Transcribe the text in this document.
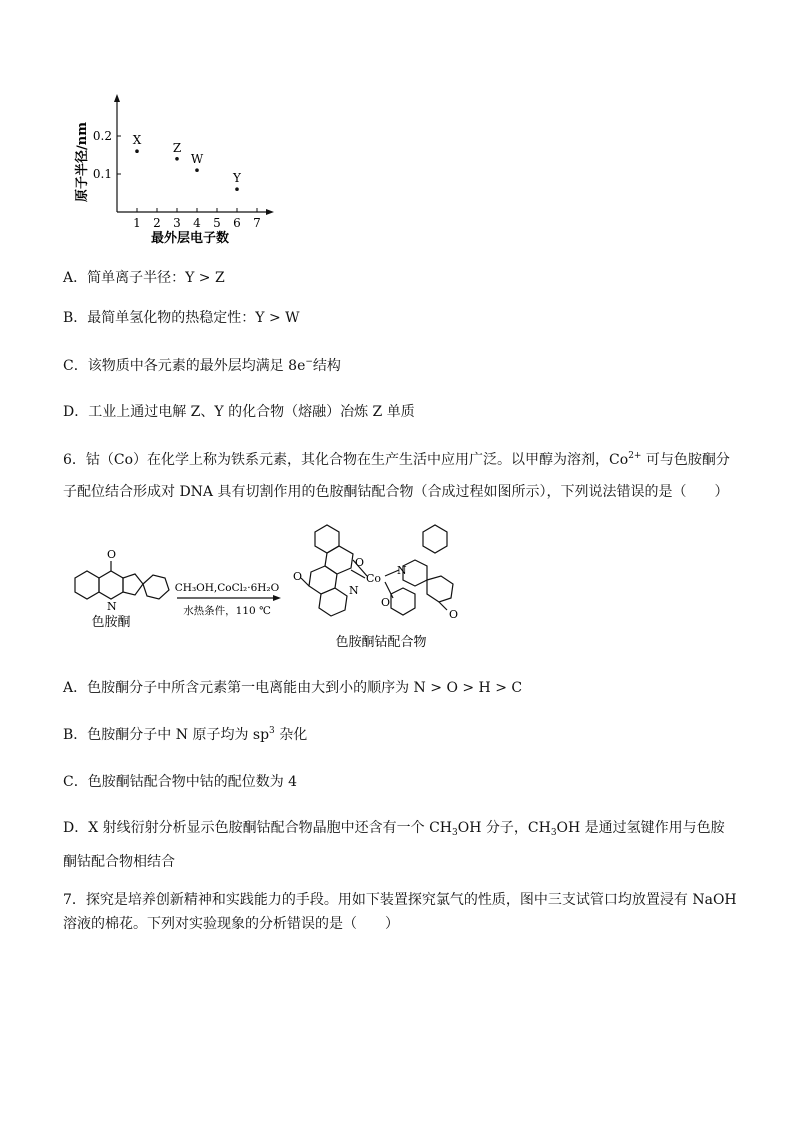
原子半径/nm
最外层电子数
1 2 3 4 5 6 7
0.1
0.2 X
Z
W
Y
A．简单离子半径：Y > Z
B．最简单氢化物的热稳定性：Y > W
C．该物质中各元素的最外层均满足 8e−结构
D．工业上通过电解 Z、Y 的化合物（熔融）冶炼 Z 单质
6．钴（Co）在化学上称为铁系元素，其化合物在生产生活中应用广泛。以甲醇为溶剂，$Co^{2+}$ 可与色胺酮分
子配位结合形成对 DNA 具有切割作用的色胺酮钴配合物（合成过程如图所示），下列说法错误的是（　　）
O
N
CH₃OH,CoCl₂·6H₂O
水热条件，110 ℃
O
Co
N
N
O
O
O
色胺酮
色胺酮钴配合物
A．色胺酮分子中所含元素第一电离能由大到小的顺序为 N > O > H > C
B．色胺酮分子中 N 原子均为 $sp^3$ 杂化
C．色胺酮钴配合物中钴的配位数为 4
D．X 射线衍射分析显示色胺酮钴配合物晶胞中还含有一个 $CH_3OH$ 分子，$CH_3OH$ 是通过氢键作用与色胺
酮钴配合物相结合
7．探究是培养创新精神和实践能力的手段。用如下装置探究氯气的性质，图中三支试管口均放置浸有 NaOH
溶液的棉花。下列对实验现象的分析错误的是（　　）
